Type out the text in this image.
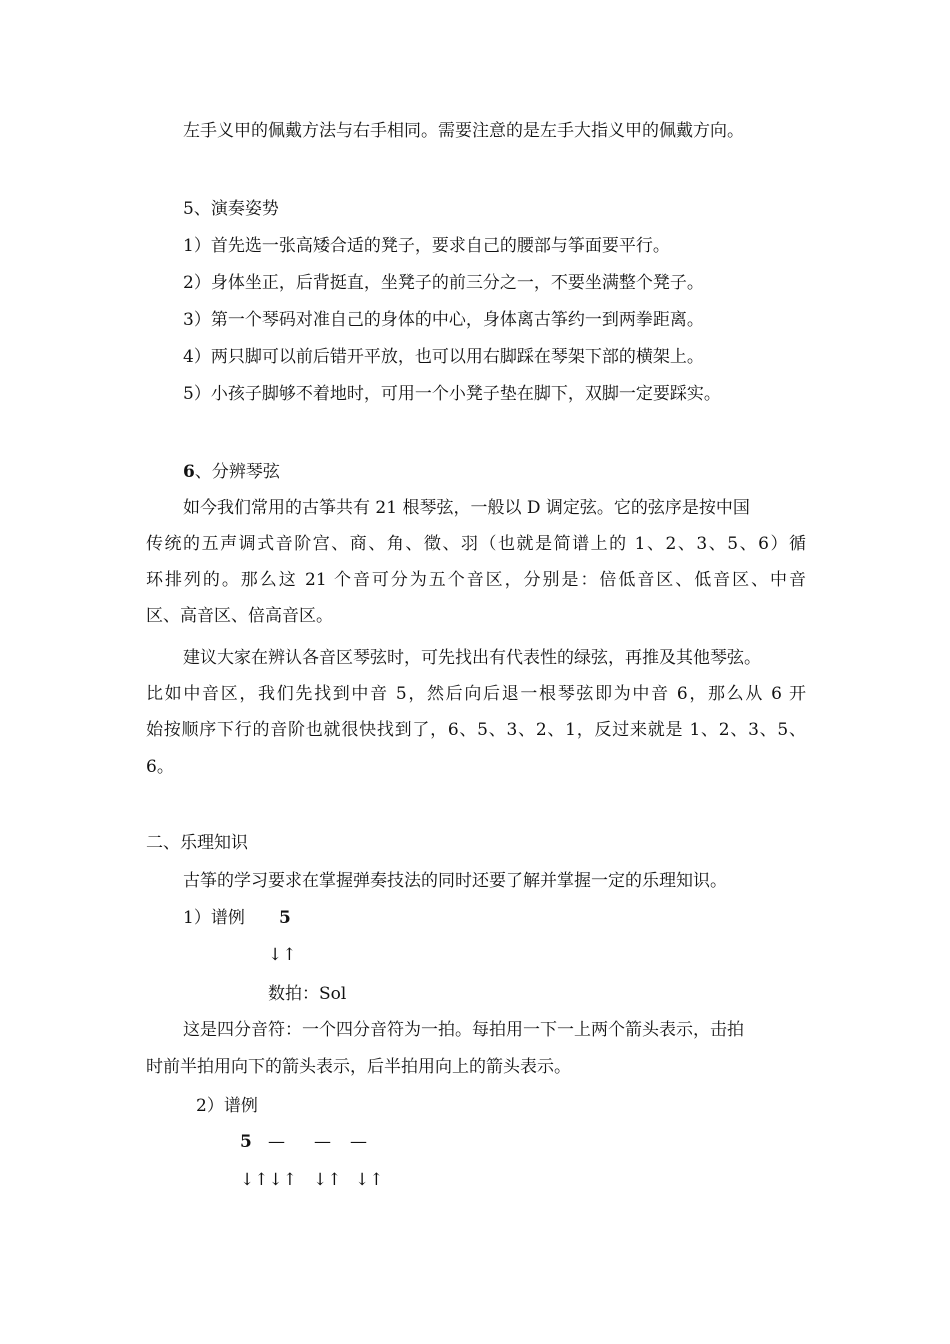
左手义甲的佩戴方法与右手相同。需要注意的是左手大指义甲的佩戴方向。
5、演奏姿势
1）首先选一张高矮合适的凳子，要求自己的腰部与筝面要平行。
2）身体坐正，后背挺直，坐凳子的前三分之一，不要坐满整个凳子。
3）第一个琴码对准自己的身体的中心，身体离古筝约一到两拳距离。
4）两只脚可以前后错开平放，也可以用右脚踩在琴架下部的横架上。
5）小孩子脚够不着地时，可用一个小凳子垫在脚下，双脚一定要踩实。
6、分辨琴弦
如今我们常用的古筝共有 21 根琴弦，一般以 D 调定弦。它的弦序是按中国
传统的五声调式音阶宫、商、角、徵、羽（也就是简谱上的 1、2、3、5、6）循
环排列的。那么这 21 个音可分为五个音区，分别是：倍低音区、低音区、中音
区、高音区、倍高音区。
建议大家在辨认各音区琴弦时，可先找出有代表性的绿弦，再推及其他琴弦。
比如中音区，我们先找到中音 5，然后向后退一根琴弦即为中音 6，那么从 6 开
始按顺序下行的音阶也就很快找到了，6、5、3、2、1，反过来就是 1、2、3、5、
6。
二、乐理知识
古筝的学习要求在掌握弹奏技法的同时还要了解并掌握一定的乐理知识。
1）谱例 5
↓↑
数拍：Sol
这是四分音符：一个四分音符为一拍。每拍用一下一上两个箭头表示，击拍
时前半拍用向下的箭头表示，后半拍用向上的箭头表示。
2）谱例
5 — — —
↓↑↓↑ ↓↑ ↓↑
